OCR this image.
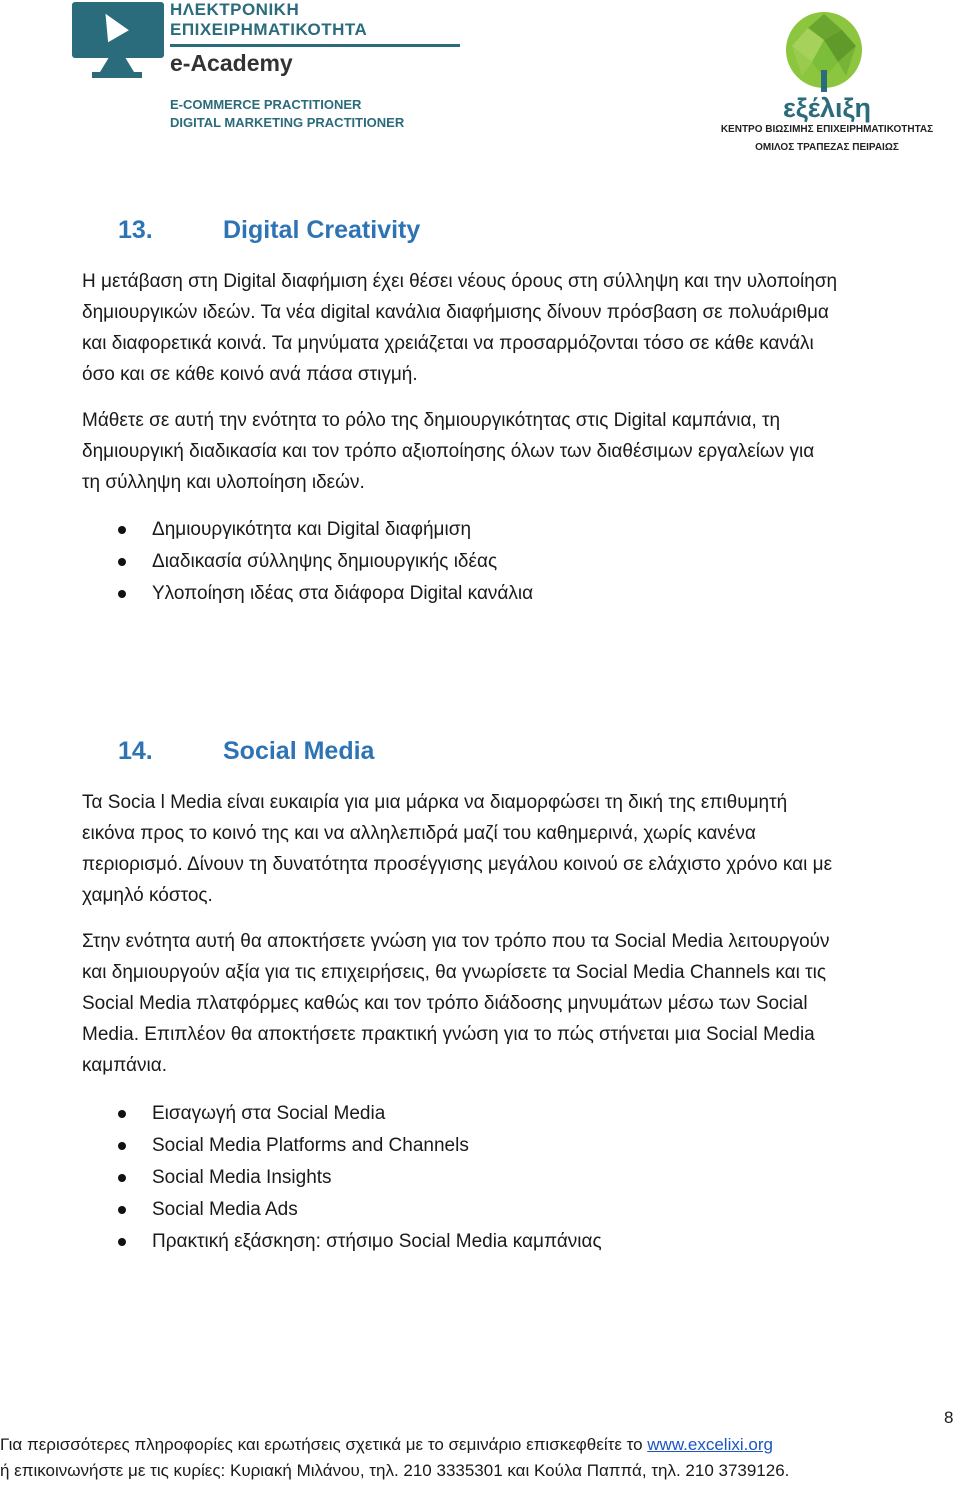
ΗΛΕΚΤΡΟΝΙΚΗ
ΕΠΙΧΕΙΡΗΜΑΤΙΚΟΤΗΤΑ
e-Academy
E-COMMERCE PRACTITIONER
DIGITAL MARKETING PRACTITIONER	εξέλιξη
ΚΕΝΤΡΟ ΒΙΩΣΙΜΗΣ ΕΠΙΧΕΙΡΗΜΑΤΙΚΟΤΗΤΑΣ
ΟΜΙΛΟΣ ΤΡΑΠΕΖΑΣ ΠΕΙΡΑΙΩΣ
13.	Digital Creativity
Η μετάβαση στη Digital διαφήμιση έχει θέσει νέους όρους στη σύλληψη και την υλοποίηση
δημιουργικών ιδεών. Τα νέα digital κανάλια διαφήμισης δίνουν πρόσβαση σε πολυάριθμα
και διαφορετικά κοινά. Τα μηνύματα χρειάζεται να προσαρμόζονται τόσο σε κάθε κανάλι
όσο και σε κάθε κοινό ανά πάσα στιγμή.
Μάθετε σε αυτή την ενότητα το ρόλο της δημιουργικότητας στις Digital καμπάνια, τη
δημιουργική διαδικασία και τον τρόπο αξιοποίησης όλων των διαθέσιμων εργαλείων για
τη σύλληψη και υλοποίηση ιδεών.
Δημιουργικότητα και Digital διαφήμιση
Διαδικασία σύλληψης δημιουργικής ιδέας
Υλοποίηση ιδέας στα διάφορα Digital κανάλια
14.	Social Media
Τα Socia l Media είναι ευκαιρία για μια μάρκα να διαμορφώσει τη δική της επιθυμητή
εικόνα προς το κοινό της και να αλληλεπιδρά μαζί του καθημερινά, χωρίς κανένα
περιορισμό. Δίνουν τη δυνατότητα προσέγγισης μεγάλου κοινού σε ελάχιστο χρόνο και με
χαμηλό κόστος.
Στην ενότητα αυτή θα αποκτήσετε γνώση για τον τρόπο που τα Social Media λειτουργούν
και δημιουργούν αξία για τις επιχειρήσεις, θα γνωρίσετε τα Social Media Channels και τις
Social Media πλατφόρμες καθώς και τον τρόπο διάδοσης μηνυμάτων μέσω των Social
Media. Επιπλέον θα αποκτήσετε πρακτική γνώση για το πώς στήνεται μια Social Media
καμπάνια.
Εισαγωγή στα Social Media
Social Media Platforms and Channels
Social Media Insights
Social Media Ads
Πρακτική εξάσκηση: στήσιμο Social Media καμπάνιας
8
Για περισσότερες πληροφορίες και ερωτήσεις σχετικά με το σεμινάριο επισκεφθείτε το www.excelixi.org
ή επικοινωνήστε με τις κυρίες: Κυριακή Μιλάνου, τηλ. 210 3335301 και Κούλα Παππά, τηλ. 210 3739126.
